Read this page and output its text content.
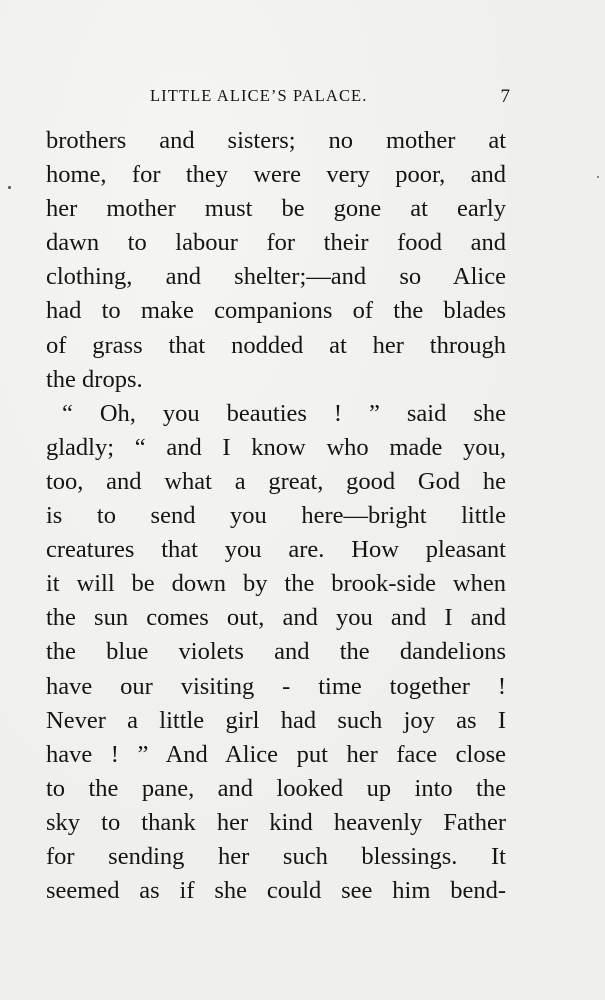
LITTLE ALICE’S PALACE.	7
brothers and sisters; no mother at
home, for they were very poor, and
her mother must be gone at early
dawn to labour for their food and
clothing, and shelter;—and so Alice
had to make companions of the blades
of grass that nodded at her through
the drops.
“ Oh, you beauties ! ” said she
gladly; “ and I know who made you,
too, and what a great, good God he
is to send you here—bright little
creatures that you are. How pleasant
it will be down by the brook-side when
the sun comes out, and you and I and
the blue violets and the dandelions
have our visiting - time together !
Never a little girl had such joy as I
have ! ” And Alice put her face close
to the pane, and looked up into the
sky to thank her kind heavenly Father
for sending her such blessings. It
seemed as if she could see him bend-
